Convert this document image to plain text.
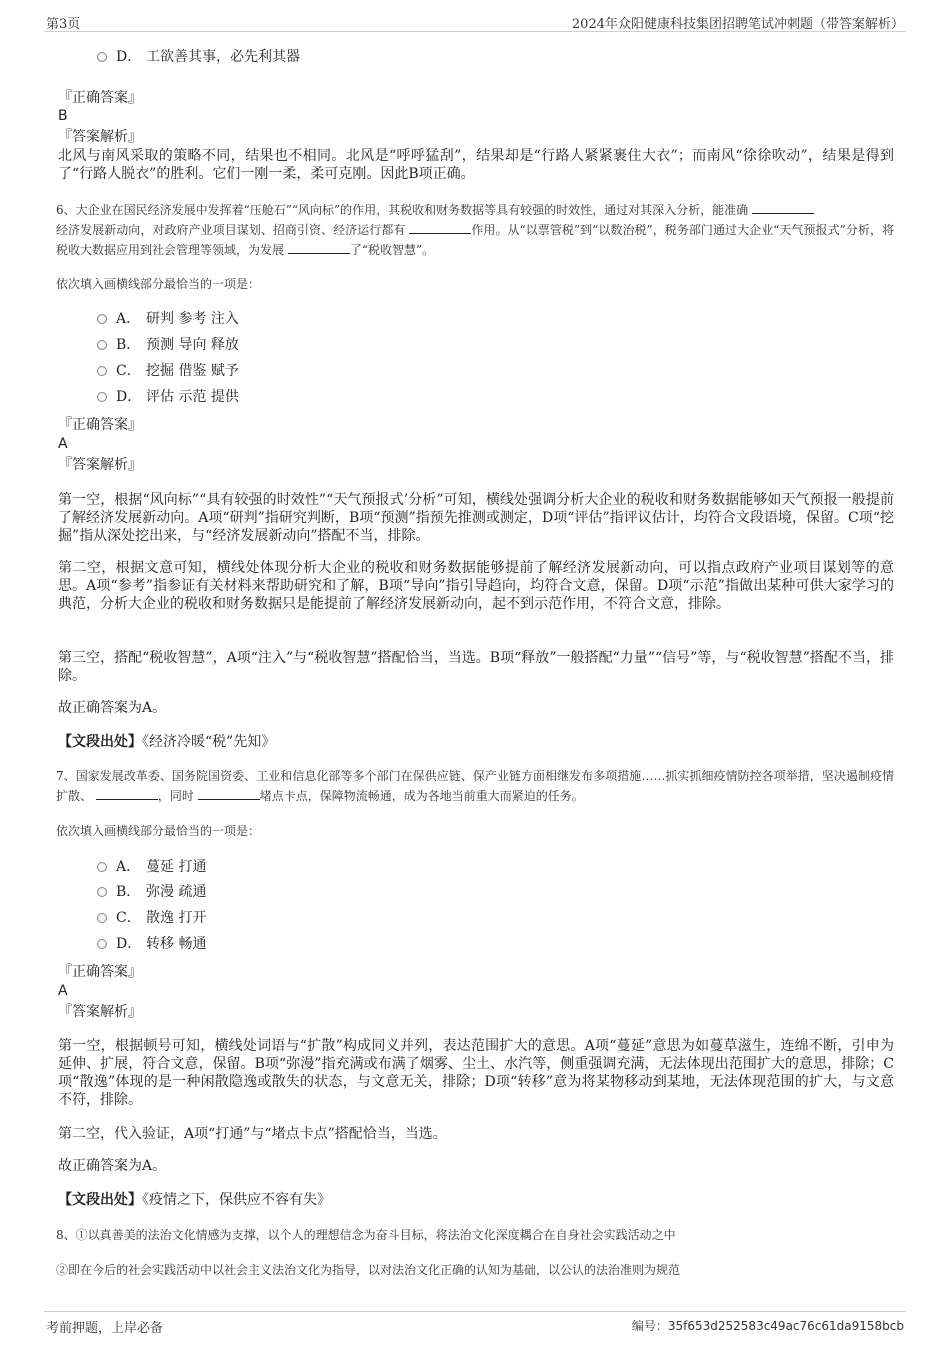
第3页	2024年众阳健康科技集团招聘笔试冲刺题（带答案解析）
D． 工欲善其事，必先利其器
『正确答案』
B
『答案解析』
北风与南风采取的策略不同，结果也不相同。北风是“呼呼猛刮”，结果却是“行路人紧紧裹住大衣”；而南风“徐徐吹动”，结果是得到了“行路人脱衣”的胜利。它们一刚一柔，柔可克刚。因此B项正确。
6、大企业在国民经济发展中发挥着“压舱石”“风向标”的作用，其税收和财务数据等具有较强的时效性，通过对其深入分析，能准确
经济发展新动向，对政府产业项目谋划、招商引资、经济运行都有	作用。从“以票管税”到“以数治税”，税务部门通过大企业“天气预报式”分析，将税收大数据应用到社会管理等领域，为发展	了“税收智慧”。
依次填入画横线部分最恰当的一项是：
A． 研判 参考 注入
B． 预测 导向 释放
C． 挖掘 借鉴 赋予
D． 评估 示范 提供
『正确答案』
A
『答案解析』
第一空，根据“风向标”“具有较强的时效性”“天气预报式’分析”可知，横线处强调分析大企业的税收和财务数据能够如天气预报一般提前了解经济发展新动向。A项“研判”指研究判断，B项“预测”指预先推测或测定，D项“评估”指评议估计，均符合文段语境，保留。C项“挖掘”指从深处挖出来，与“经济发展新动向”搭配不当，排除。
第二空，根据文意可知，横线处体现分析大企业的税收和财务数据能够提前了解经济发展新动向，可以指点政府产业项目谋划等的意思。A项“参考”指参证有关材料来帮助研究和了解，B项“导向”指引导趋向，均符合文意，保留。D项“示范”指做出某种可供大家学习的典范，分析大企业的税收和财务数据只是能提前了解经济发展新动向，起不到示范作用，不符合文意，排除。
第三空，搭配“税收智慧”，A项“注入”与“税收智慧”搭配恰当，当选。B项“释放”一般搭配“力量”“信号”等，与“税收智慧”搭配不当，排除。
故正确答案为A。
【文段出处】《经济冷暖“税”先知》
7、国家发展改革委、国务院国资委、工业和信息化部等多个部门在保供应链、保产业链方面相继发布多项措施……抓实抓细疫情防控各项举措，坚决遏制疫情扩散、	，同时	堵点卡点，保障物流畅通，成为各地当前重大而紧迫的任务。
依次填入画横线部分最恰当的一项是：
A． 蔓延 打通
B． 弥漫 疏通
C． 散逸 打开
D． 转移 畅通
『正确答案』
A
『答案解析』
第一空，根据顿号可知，横线处词语与“扩散”构成同义并列，表达范围扩大的意思。A项“蔓延”意思为如蔓草滋生，连绵不断，引申为延伸、扩展，符合文意，保留。B项“弥漫”指充满或布满了烟雾、尘土、水汽等，侧重强调充满，无法体现出范围扩大的意思，排除；C项“散逸”体现的是一种闲散隐逸或散失的状态，与文意无关，排除；D项“转移”意为将某物移动到某地，无法体现范围的扩大，与文意不符，排除。
第二空，代入验证，A项“打通”与“堵点卡点”搭配恰当，当选。
故正确答案为A。
【文段出处】《疫情之下，保供应不容有失》
8、①以真善美的法治文化情感为支撑，以个人的理想信念为奋斗目标，将法治文化深度耦合在自身社会实践活动之中
②即在今后的社会实践活动中以社会主义法治文化为指导，以对法治文化正确的认知为基础，以公认的法治准则为规范
考前押题，上岸必备	编号：35f653d252583c49ac76c61da9158bcb
